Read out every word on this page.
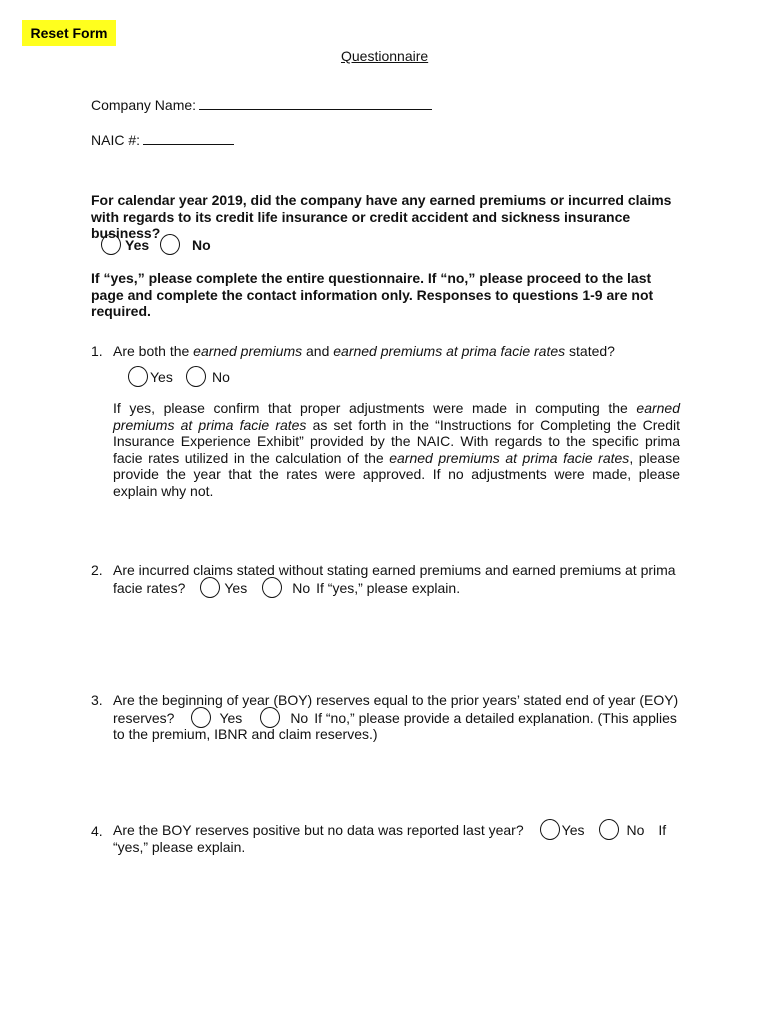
Reset Form
Questionnaire
Company Name:
NAIC #:
For calendar year 2019, did the company have any earned premiums or incurred claims with regards to its credit life insurance or credit accident and sickness insurance business?
Yes	No
If “yes,” please complete the entire questionnaire. If “no,” please proceed to the last page and complete the contact information only. Responses to questions 1-9 are not required.
1. Are both the earned premiums and earned premiums at prima facie rates stated?
Yes	No
If yes, please confirm that proper adjustments were made in computing the earned premiums at prima facie rates as set forth in the “Instructions for Completing the Credit Insurance Experience Exhibit” provided by the NAIC. With regards to the specific prima facie rates utilized in the calculation of the earned premiums at prima facie rates, please provide the year that the rates were approved. If no adjustments were made, please explain why not.
2. Are incurred claims stated without stating earned premiums and earned premiums at prima
facie rates?	Yes	No If “yes,” please explain.
3. Are the beginning of year (BOY) reserves equal to the prior years’ stated end of year (EOY)
reserves?	Yes	No If “no,” please provide a detailed explanation. (This applies
to the premium, IBNR and claim reserves.)
4. Are the BOY reserves positive but no data was reported last year?	Yes	No If
“yes,” please explain.
